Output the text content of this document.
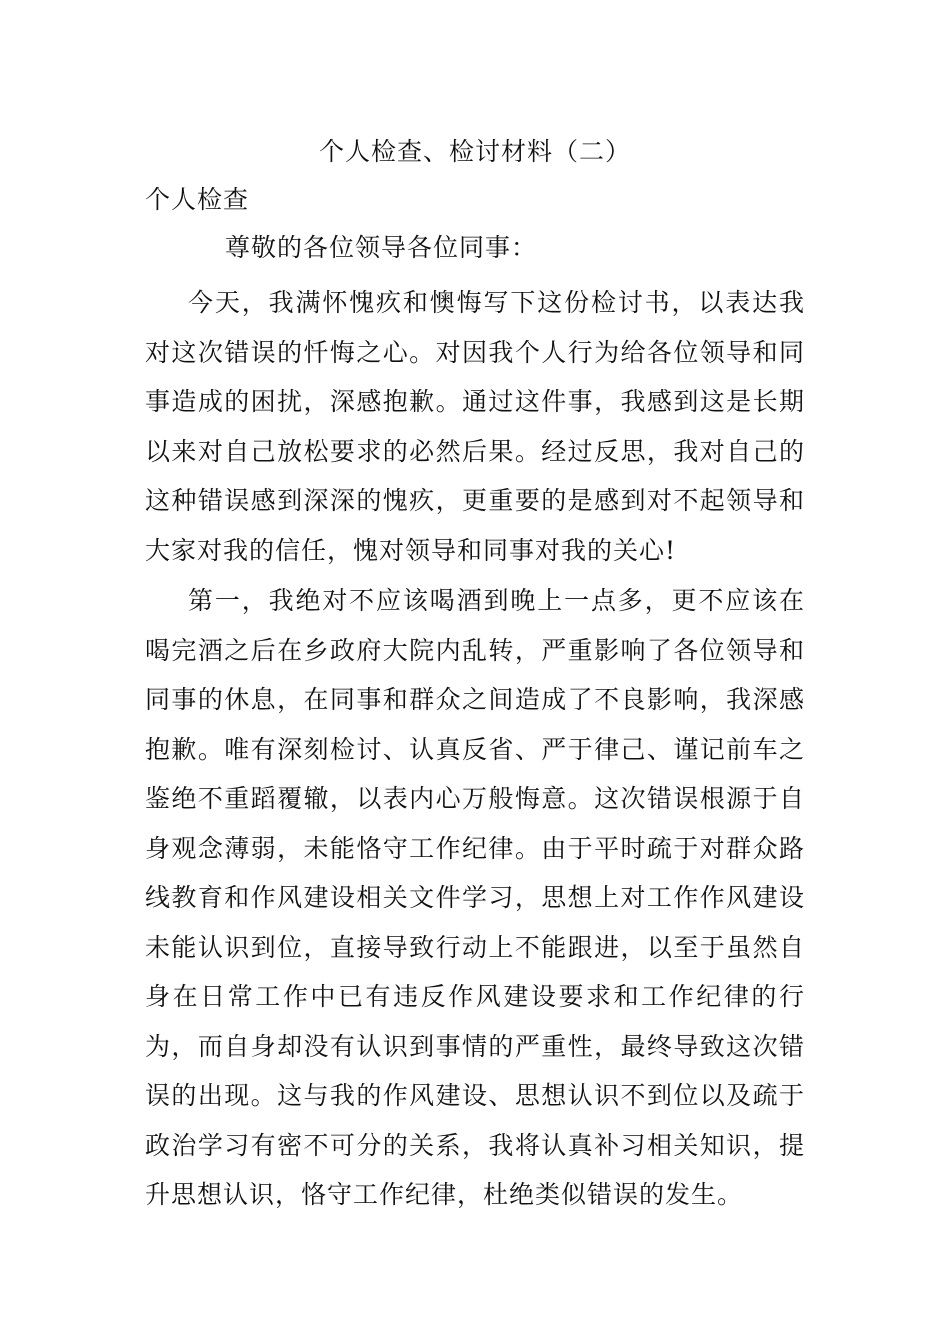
个人检查、检讨材料（二）
个人检查
尊敬的各位领导各位同事：

今天，我满怀愧疚和懊悔写下这份检讨书，以表达我对这次错误的忏悔之心。对因我个人行为给各位领导和同事造成的困扰，深感抱歉。通过这件事，我感到这是长期以来对自己放松要求的必然后果。经过反思，我对自己的这种错误感到深深的愧疚，更重要的是感到对不起领导和大家对我的信任，愧对领导和同事对我的关心!

第一，我绝对不应该喝酒到晚上一点多，更不应该在喝完酒之后在乡政府大院内乱转，严重影响了各位领导和同事的休息，在同事和群众之间造成了不良影响，我深感抱歉。唯有深刻检讨、认真反省、严于律己、谨记前车之鉴绝不重蹈覆辙，以表内心万般悔意。这次错误根源于自身观念薄弱，未能恪守工作纪律。由于平时疏于对群众路线教育和作风建设相关文件学习，思想上对工作作风建设未能认识到位，直接导致行动上不能跟进，以至于虽然自身在日常工作中已有违反作风建设要求和工作纪律的行为，而自身却没有认识到事情的严重性，最终导致这次错误的出现。这与我的作风建设、思想认识不到位以及疏于政治学习有密不可分的关系，我将认真补习相关知识，提升思想认识，恪守工作纪律，杜绝类似错误的发生。
